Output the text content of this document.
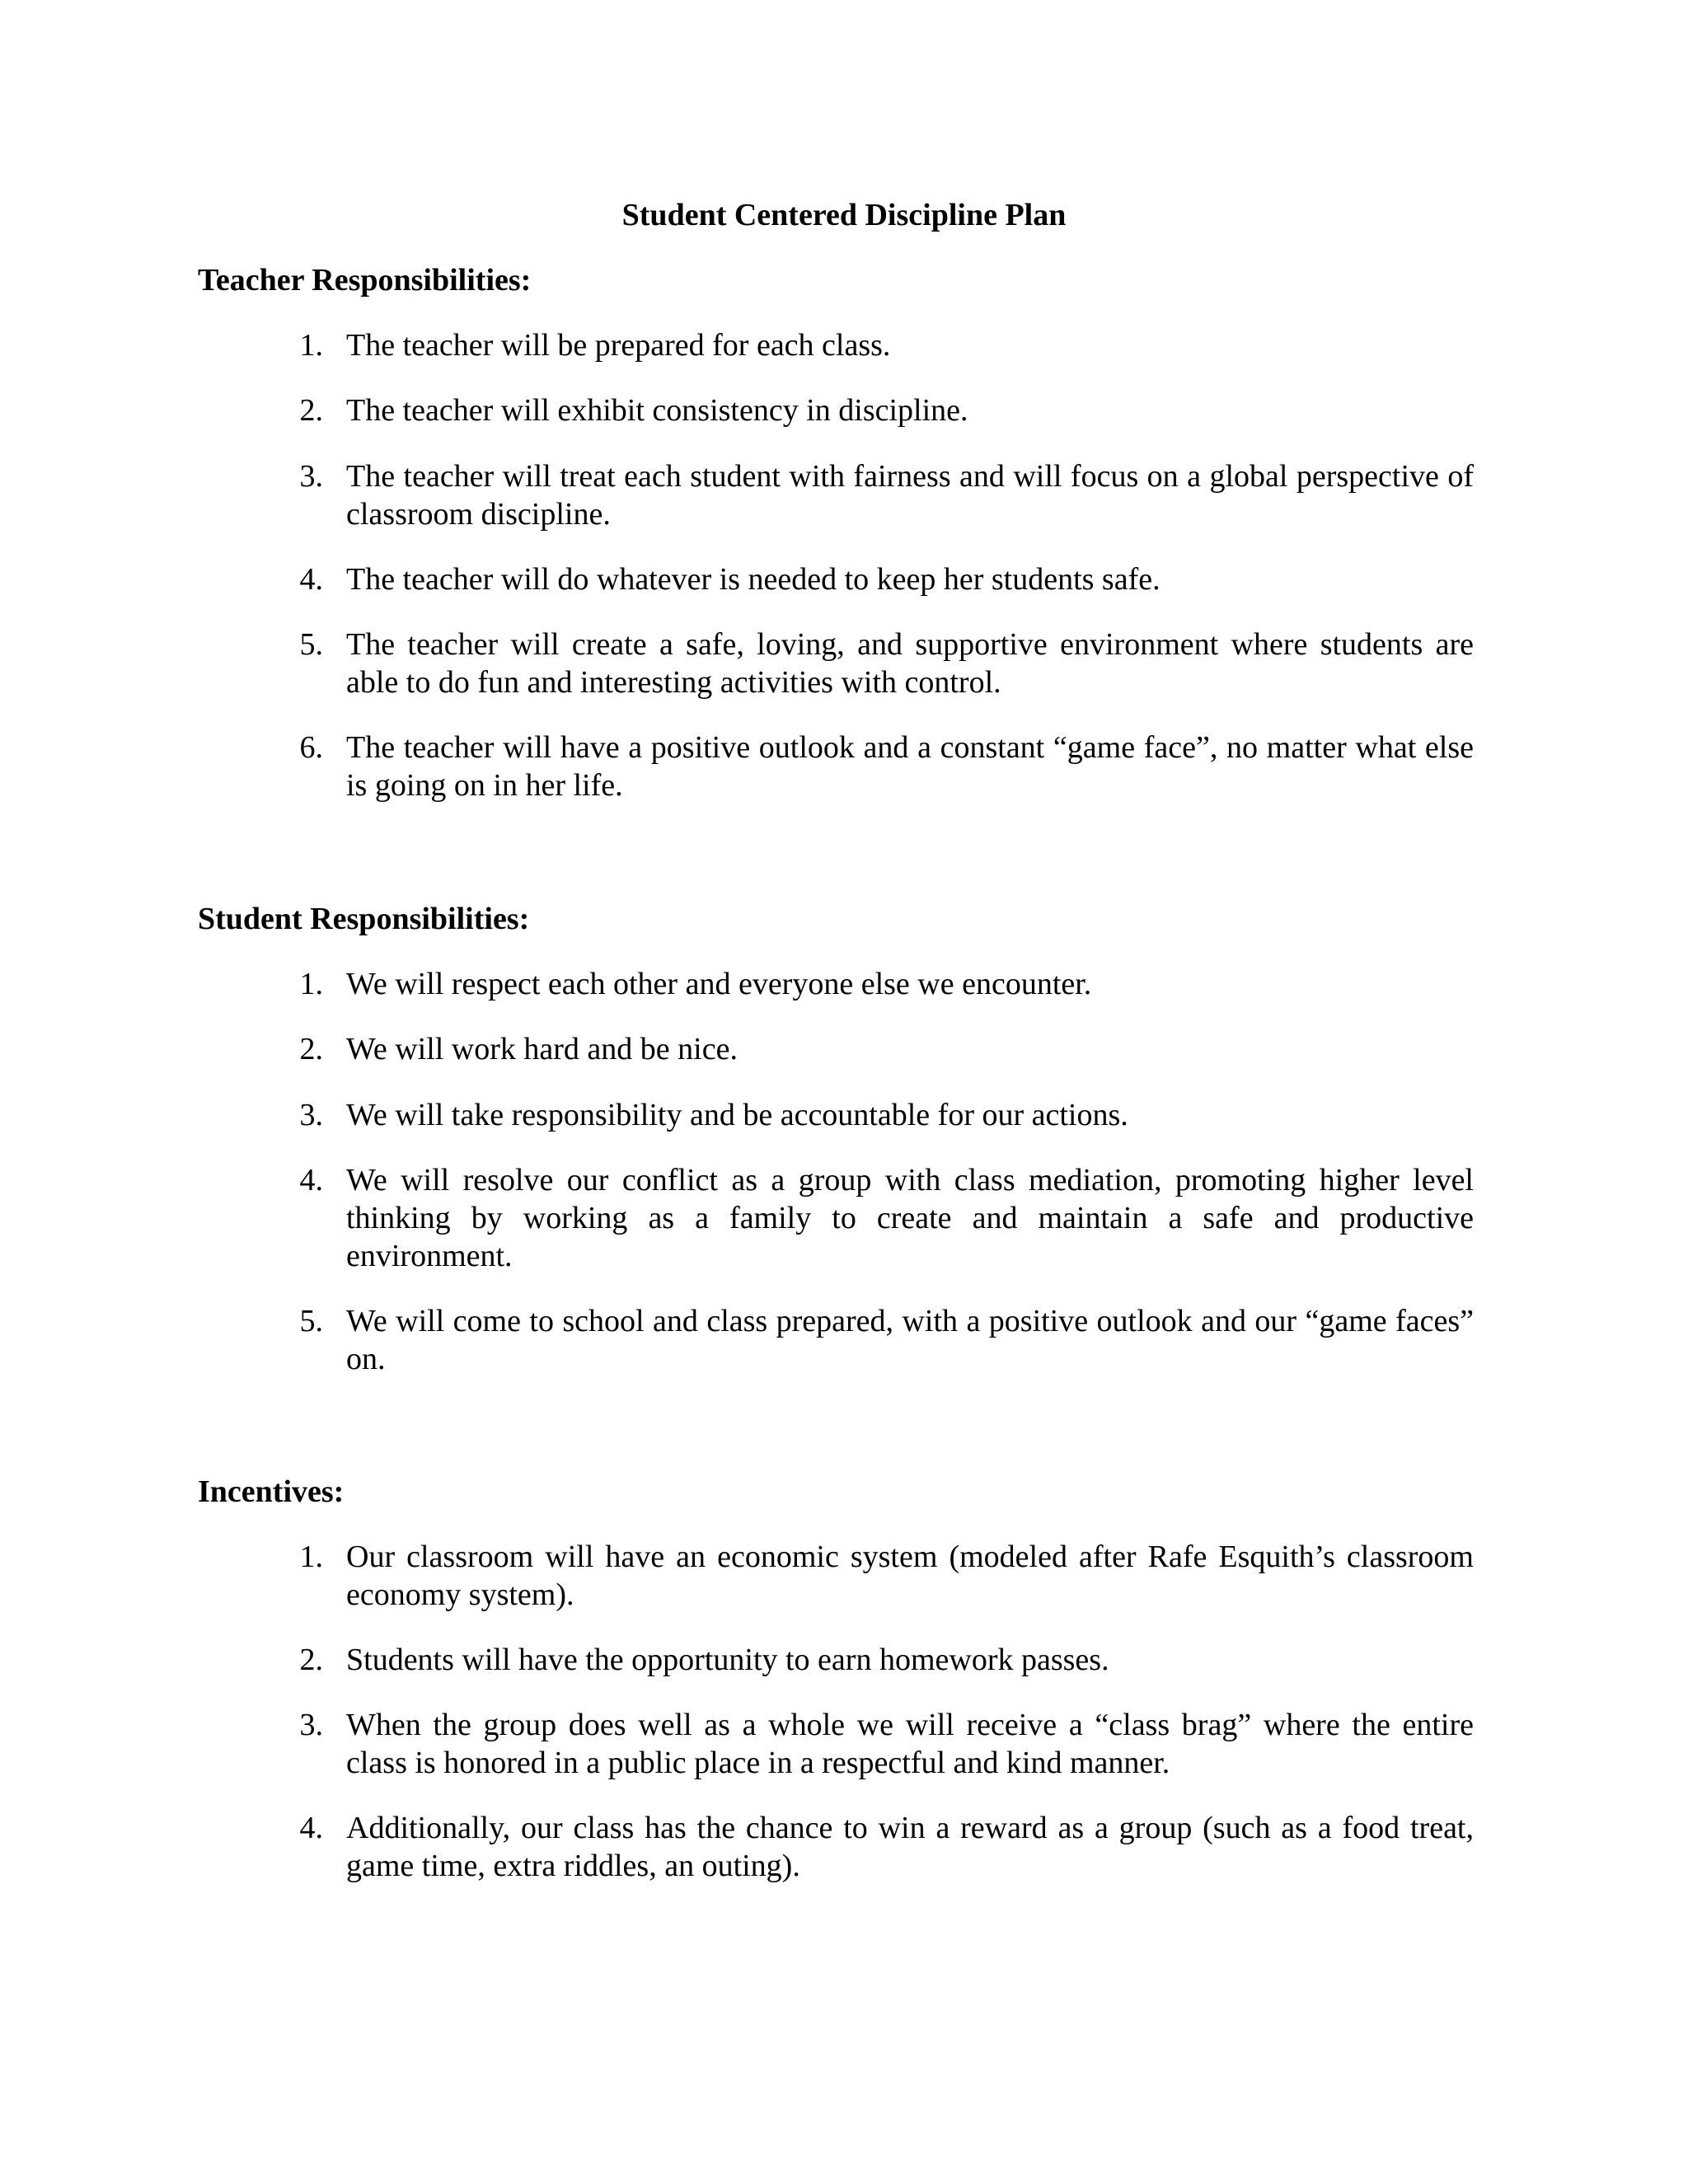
Student Centered Discipline Plan
Teacher Responsibilities:
1. The teacher will be prepared for each class.
2. The teacher will exhibit consistency in discipline.
3. The teacher will treat each student with fairness and will focus on a global perspective of classroom discipline.
4. The teacher will do whatever is needed to keep her students safe.
5. The teacher will create a safe, loving, and supportive environment where students are able to do fun and interesting activities with control.
6. The teacher will have a positive outlook and a constant “game face”, no matter what else is going on in her life.
Student Responsibilities:
1. We will respect each other and everyone else we encounter.
2. We will work hard and be nice.
3. We will take responsibility and be accountable for our actions.
4. We will resolve our conflict as a group with class mediation, promoting higher level thinking by working as a family to create and maintain a safe and productive environment.
5. We will come to school and class prepared, with a positive outlook and our “game faces” on.
Incentives:
1. Our classroom will have an economic system (modeled after Rafe Esquith’s classroom economy system).
2. Students will have the opportunity to earn homework passes.
3. When the group does well as a whole we will receive a “class brag” where the entire class is honored in a public place in a respectful and kind manner.
4. Additionally, our class has the chance to win a reward as a group (such as a food treat, game time, extra riddles, an outing).
